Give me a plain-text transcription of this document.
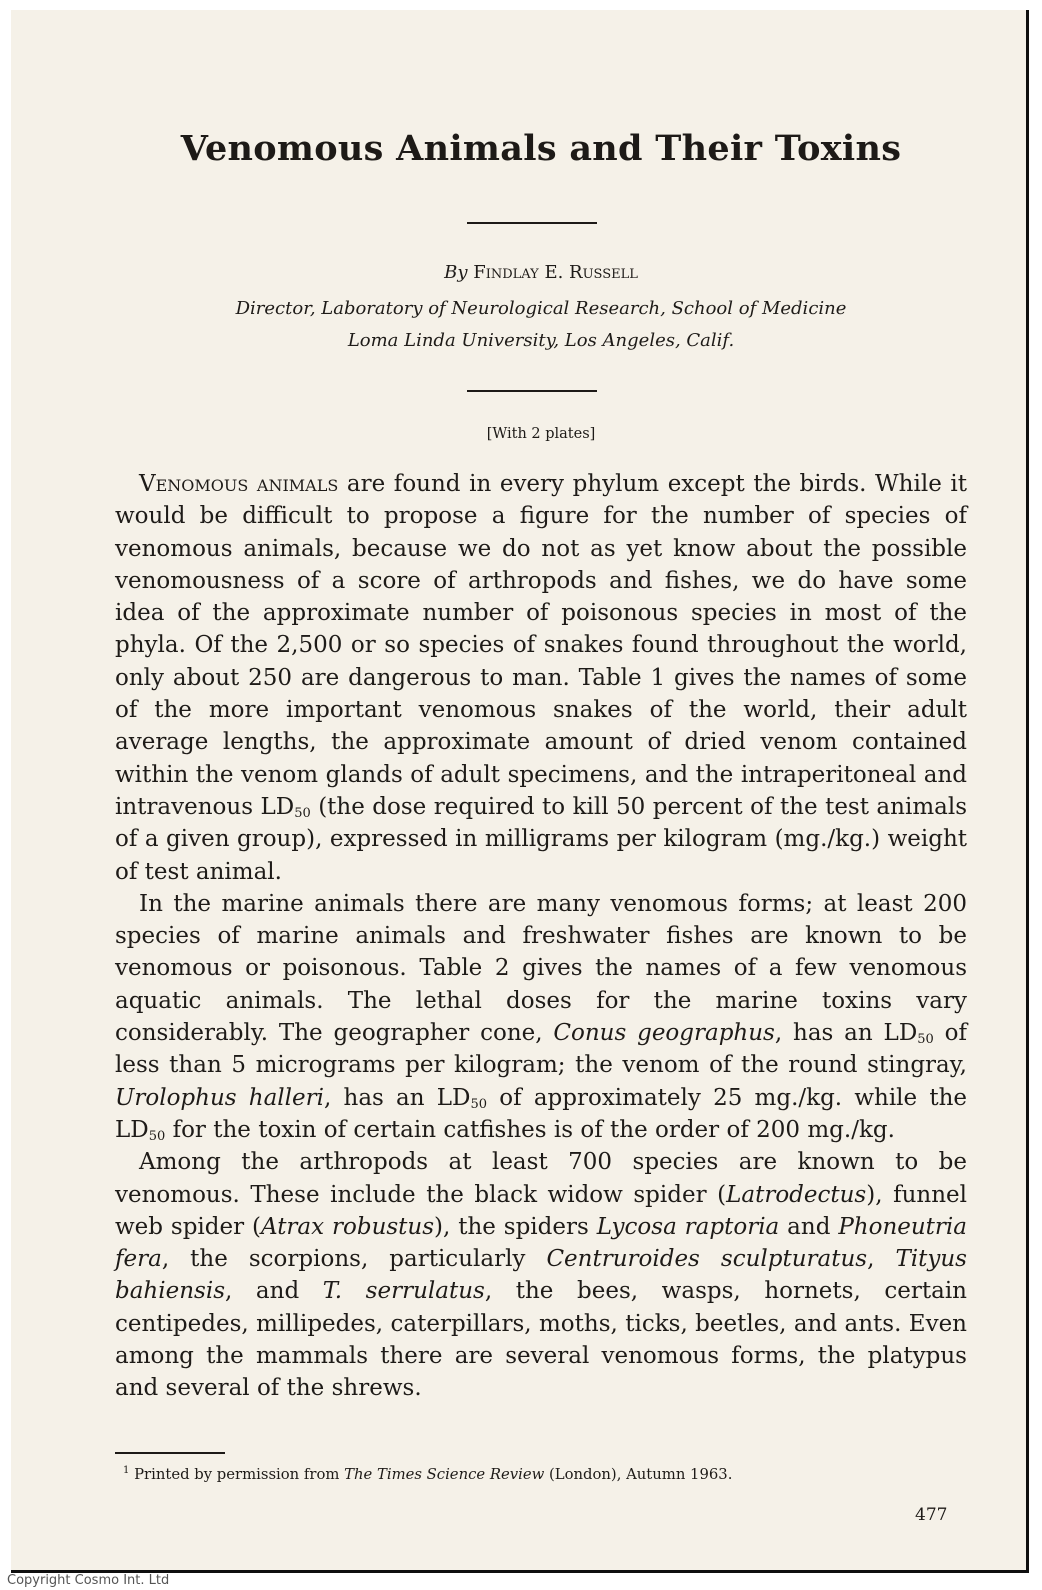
Venomous Animals and Their Toxins
By Findlay E. Russell
Director, Laboratory of Neurological Research, School of Medicine
Loma Linda University, Los Angeles, Calif.
[With 2 plates]

Venomous animals are found in every phylum except the birds. While it would be difficult to propose a figure for the number of species of venomous animals, because we do not as yet know about the possible venomousness of a score of arthropods and fishes, we do have some idea of the approximate number of poisonous species in most of the phyla. Of the 2,500 or so species of snakes found throughout the world, only about 250 are dangerous to man. Table 1 gives the names of some of the more important venomous snakes of the world, their adult average lengths, the approximate amount of dried venom contained within the venom glands of adult specimens, and the intraperitoneal and intravenous $LD_{50}$ (the dose required to kill 50 percent of the test animals of a given group), expressed in milligrams per kilogram (mg./kg.) weight of test animal.

In the marine animals there are many venomous forms; at least 200 species of marine animals and freshwater fishes are known to be venomous or poisonous. Table 2 gives the names of a few venomous aquatic animals. The lethal doses for the marine toxins vary considerably. The geographer cone, Conus geographus, has an $LD_{50}$ of less than 5 micrograms per kilogram; the venom of the round stingray, Urolophus halleri, has an $LD_{50}$ of approximately 25 mg./kg. while the $LD_{50}$ for the toxin of certain catfishes is of the order of 200 mg./kg.

Among the arthropods at least 700 species are known to be venomous. These include the black widow spider (Latrodectus), funnel web spider (Atrax robustus), the spiders Lycosa raptoria and Phoneutria fera, the scorpions, particularly Centruroides sculpturatus, Tityus bahiensis, and T. serrulatus, the bees, wasps, hornets, certain centipedes, millipedes, caterpillars, moths, ticks, beetles, and ants. Even among the mammals there are several venomous forms, the platypus and several of the shrews.

$^1$ Printed by permission from The Times Science Review (London), Autumn 1963.
477
Copyright Cosmo Int. Ltd
